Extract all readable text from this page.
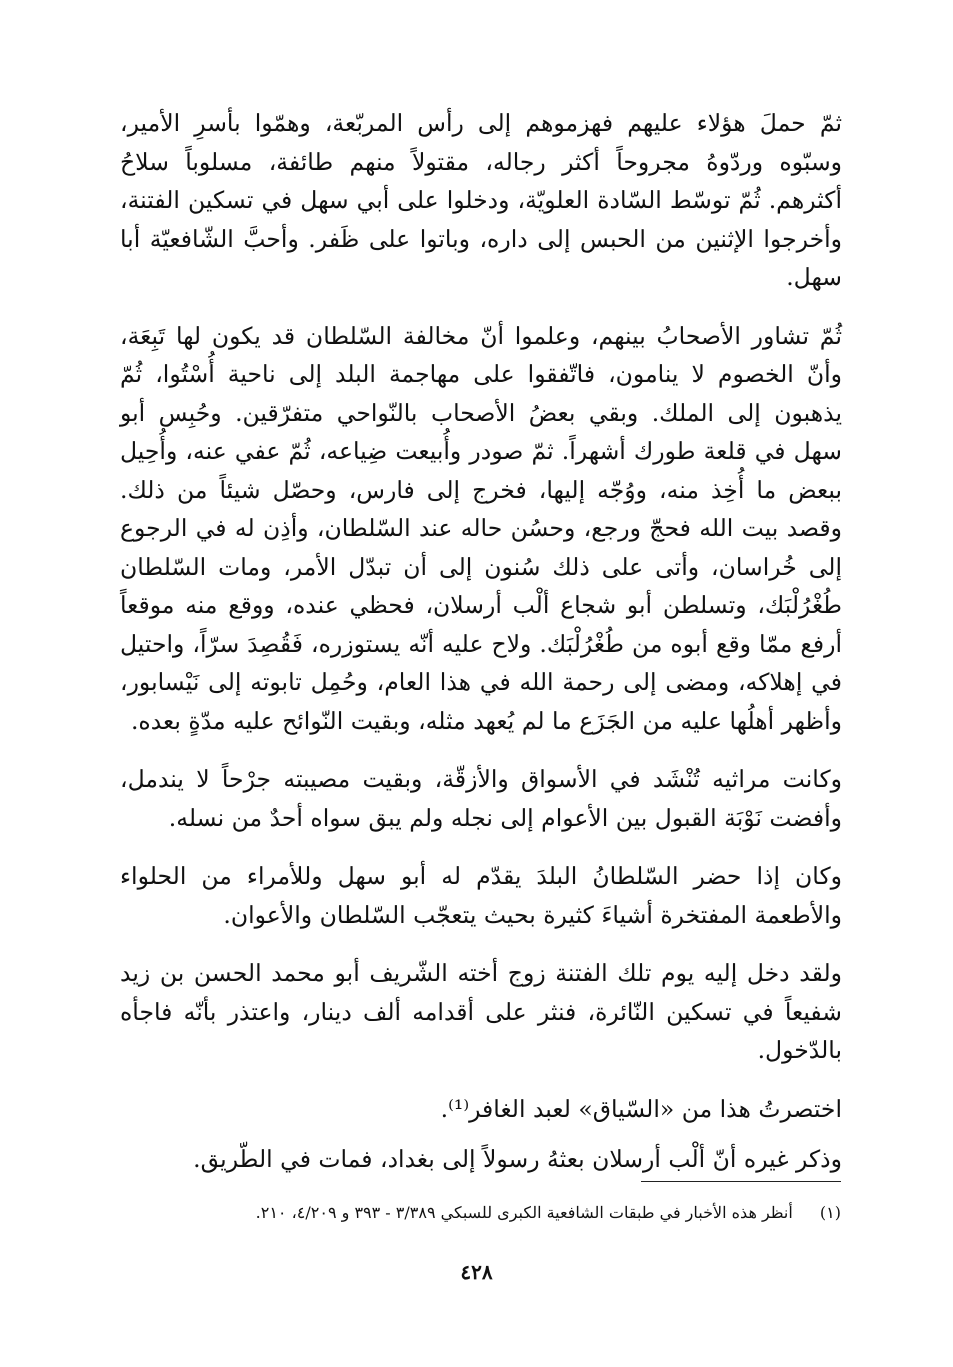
ثمّ حملَ هؤلاء عليهم فهزموهم إلى رأس المربّعة، وهمّوا بأسرِ الأمير، وسبّوه وردّوهُ مجروحاً أكثر رجاله، مقتولاً منهم طائفة، مسلوباً سلاحُ أكثرهم. ثُمّ توسّط السّادة العلويّة، ودخلوا على أبي سهل في تسكين الفتنة، وأخرجوا الإثنين من الحبس إلى داره، وباتوا على ظَفر. وأحبَّ الشّافعيّة أبا سهل.

ثُمّ تشاور الأصحابُ بينهم، وعلموا أنّ مخالفة السّلطان قد يكون لها تَبِعَة، وأنّ الخصوم لا ينامون، فاتّفقوا على مهاجمة البلد إلى ناحية أُسْتُوا، ثُمّ يذهبون إلى الملك. وبقي بعضُ الأصحاب بالنّواحي متفرّقين. وحُبِس أبو سهل في قلعة طورك أشهراً. ثمّ صودر وأُبيعت ضِياعه، ثُمّ عفي عنه، وأُحِيل ببعض ما أُخِذ منه، ووُجّه إليها، فخرج إلى فارس، وحصّل شيئاً من ذلك. وقصد بيت الله فحجّ ورجع، وحسُن حاله عند السّلطان، وأذِن له في الرجوع إلى خُراسان، وأتى على ذلك سُنون إلى أن تبدّل الأمر، ومات السّلطان طُغْرُلْبَك، وتسلطن أبو شجاع ألْب أرسلان، فحظي عنده، ووقع منه موقعاً أرفع ممّا وقع أبوه من طُغْرُلْبَك. ولاح عليه أنّه يستوزره، فَقُصِدَ سرّاً، واحتيل في إهلاكه، ومضى إلى رحمة الله في هذا العام، وحُمِل تابوته إلى نَيْسابور، وأظهر أهلُها عليه من الجَزَع ما لم يُعهد مثله، وبقيت النّوائح عليه مدّةٍ بعده.

وكانت مراثيه تُنْشَد في الأسواق والأزقّة، وبقيت مصيبته جرْحاً لا يندمل، وأفضت نَوْبَة القبول بين الأعوام إلى نجله ولم يبق سواه أحدٌ من نسله.

وكان إذا حضر السّلطانُ البلدَ يقدّم له أبو سهل وللأمراء من الحلواء والأطعمة المفتخرة أشياءَ كثيرة بحيث يتعجّب السّلطان والأعوان.

ولقد دخل إليه يوم تلك الفتنة زوج أخته الشّريف أبو محمد الحسن بن زيد شفيعاً في تسكين النّائرة، فنثر على أقدامه ألف دينار، واعتذر بأنّه فاجأه بالدّخول.

اختصرتُ هذا من «السّياق» لعبد الغافر⁽¹⁾.

وذكر غيره أنّ ألْب أرسلان بعثهُ رسولاً إلى بغداد، فمات في الطّريق.

(١) أنظر هذه الأخبار في طبقات الشافعية الكبرى للسبكي ٣/٣٨٩ - ٣٩٣ و ٤/٢٠٩، ٢١٠.
٤٢٨
